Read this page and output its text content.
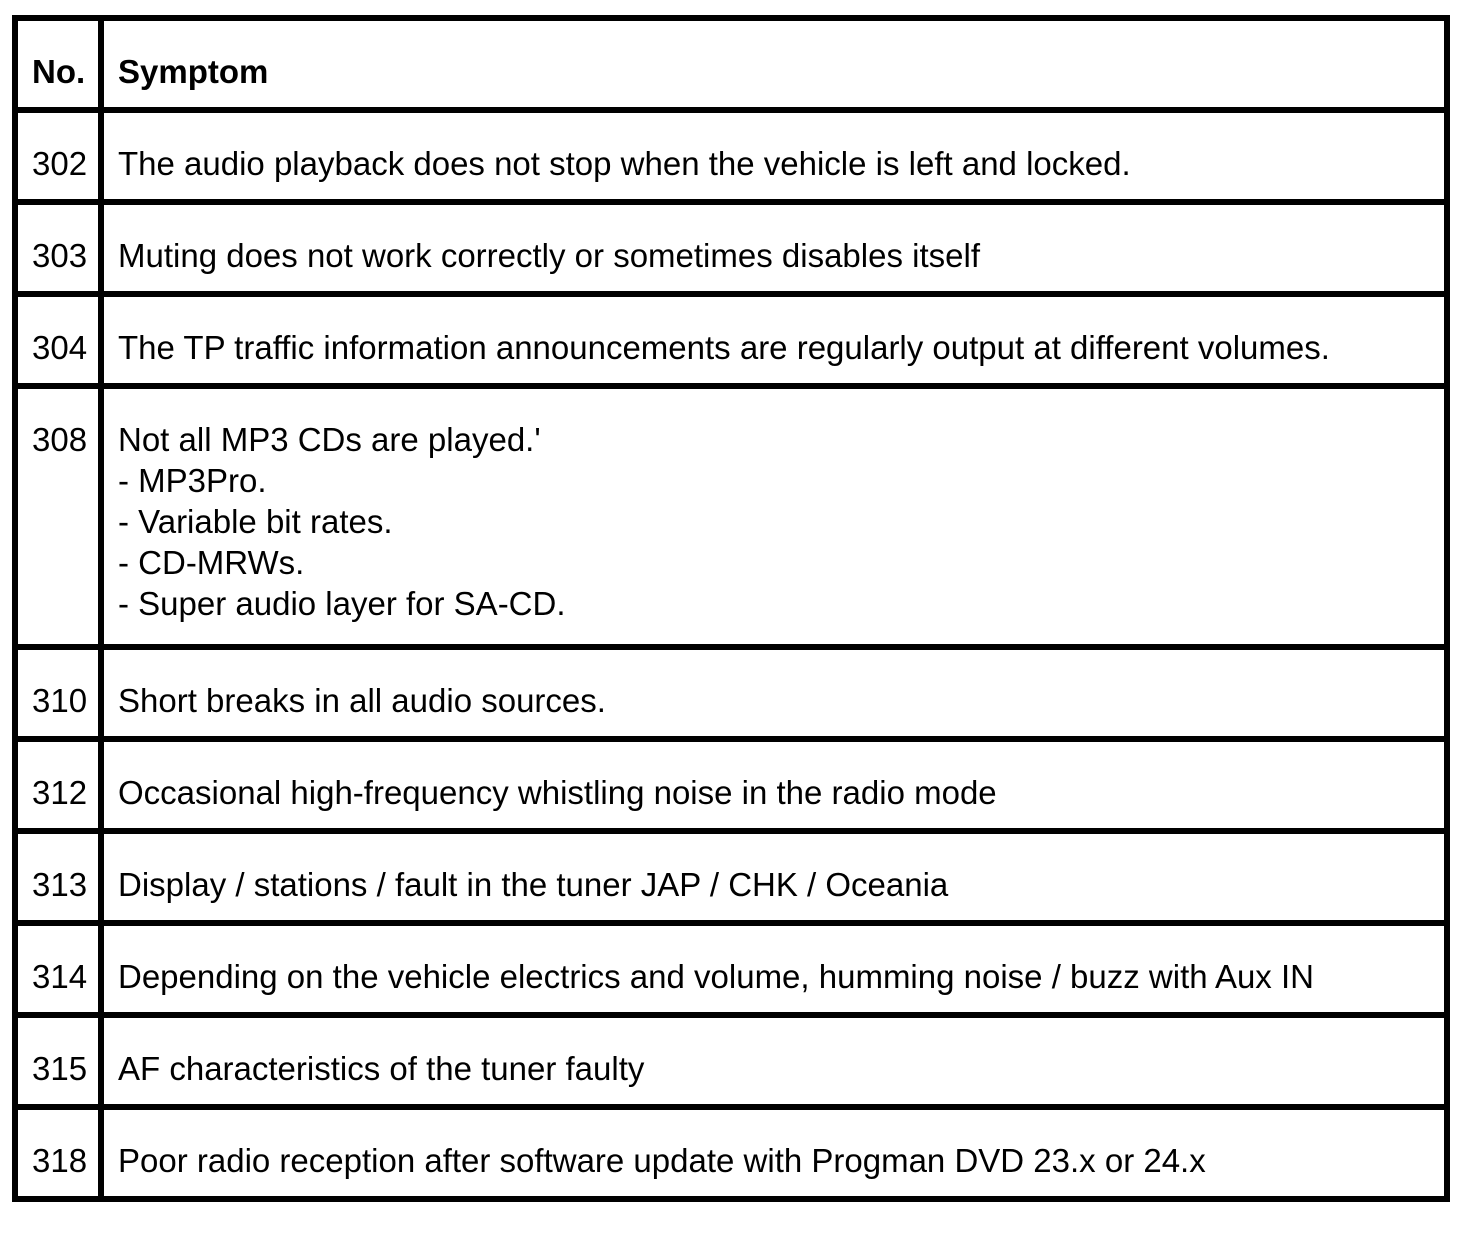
No.	Symptom

302	The audio playback does not stop when the vehicle is left and locked.

303	Muting does not work correctly or sometimes disables itself

304	The TP traffic information announcements are regularly output at different volumes.

308	Not all MP3 CDs are played.'
- MP3Pro.
- Variable bit rates.
- CD-MRWs.
- Super audio layer for SA-CD.

310	Short breaks in all audio sources.

312	Occasional high-frequency whistling noise in the radio mode

313	Display / stations / fault in the tuner JAP / CHK / Oceania

314	Depending on the vehicle electrics and volume, humming noise / buzz with Aux IN

315	AF characteristics of the tuner faulty

318	Poor radio reception after software update with Progman DVD 23.x or 24.x
